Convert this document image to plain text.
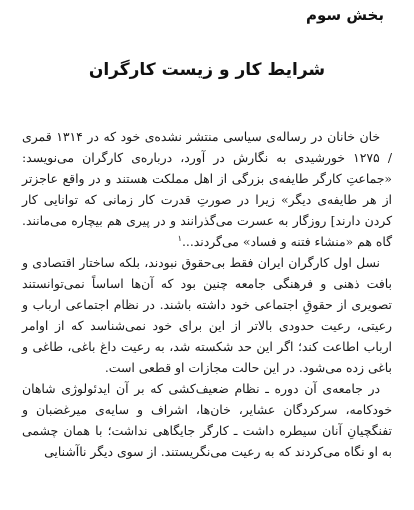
بخش سوم
شرایط کار و زیست کارگران

خان خانان در رساله‌ی سیاسی منتشر نشده‌ی خود که در ۱۳۱۴ قمری / ۱۲۷۵ خورشیدی به نگارش در آورد، درباره‌ی کارگران می‌نویسد: «جماعتِ کارگر طایفه‌ی بزرگی از اهل مملکت هستند و در واقع عاجزتر از هر طایفه‌ی دیگر» زیرا در صورتِ قدرت کار زمانی که توانایی کار کردن دارند] روزگار به عسرت می‌گذرانند و در پیری هم بیچاره می‌مانند. گاه هم «منشاء فتنه و فساد» می‌گردند...$^۱$

نسل اول کارگران ایران فقط بی‌حقوق نبودند، بلکه ساختار اقتصادی و بافت ذهنی و فرهنگی جامعه چنین بود که آن‌ها اساساً نمی‌توانستند تصویری از حقوقِ اجتماعی خود داشته باشند. در نظام اجتماعی ارباب و رعیتی، رعیت حدودی بالاتر از این برای خود نمی‌شناسد که از اوامر ارباب اطاعت کند؛ اگر این حد شکسته شد، به رعیت داغ باغی، طاغی و باغی زده می‌شود. در این حالت مجازات او قطعی است.

در جامعه‌ی آن دوره ـ نظام ضعیف‌کشی که بر آن ایدئولوژی شاهان خودکامه، سرکردگان عشایر، خان‌ها، اشراف و سایه‌ی میرغضبان و تفنگچیانِ آنان سیطره داشت ـ کارگر جایگاهی نداشت؛ با همان چشمی به او نگاه می‌کردند که به رعیت می‌نگریستند. از سوی دیگر ناآشنایی
